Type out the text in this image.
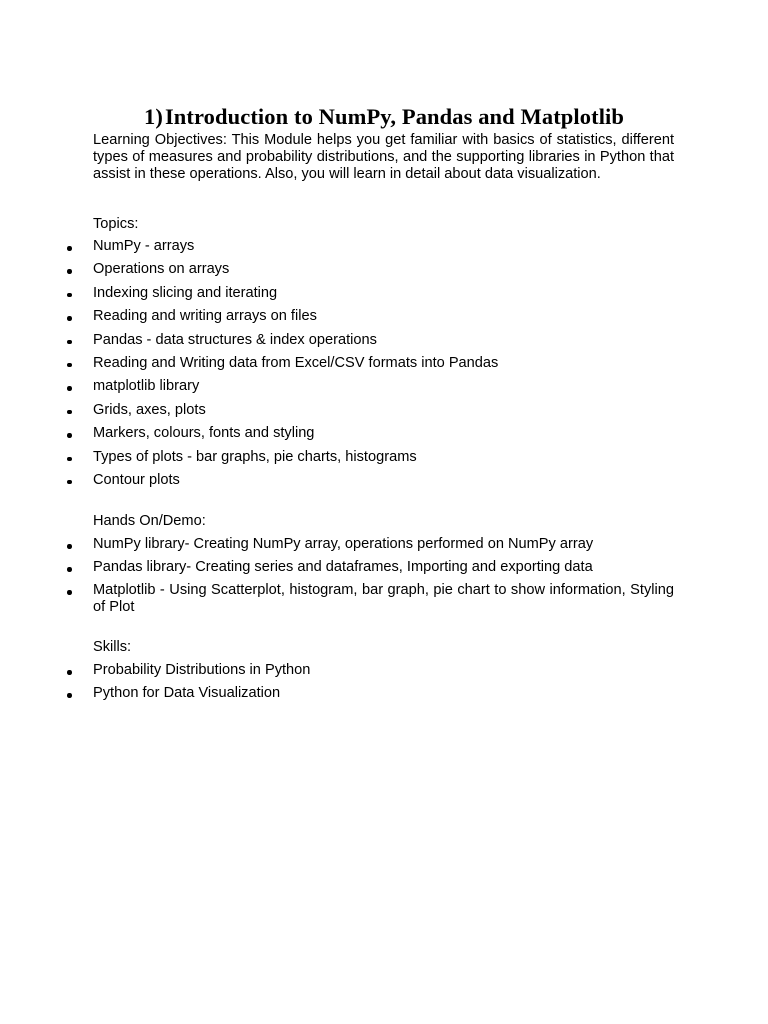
1)Introduction to NumPy, Pandas and Matplotlib

Learning Objectives: This Module helps you get familiar with basics of statistics, different types of measures and probability distributions, and the supporting libraries in Python that assist in these operations. Also, you will learn in detail about data visualization.

Topics:

NumPy - arrays
Operations on arrays
Indexing slicing and iterating
Reading and writing arrays on files
Pandas - data structures & index operations
Reading and Writing data from Excel/CSV formats into Pandas
matplotlib library
Grids, axes, plots
Markers, colours, fonts and styling
Types of plots - bar graphs, pie charts, histograms
Contour plots

Hands On/Demo:

NumPy library- Creating NumPy array, operations performed on NumPy array
Pandas library- Creating series and dataframes, Importing and exporting data
Matplotlib - Using Scatterplot, histogram, bar graph, pie chart to show information, Styling of Plot

Skills:

Probability Distributions in Python
Python for Data Visualization
